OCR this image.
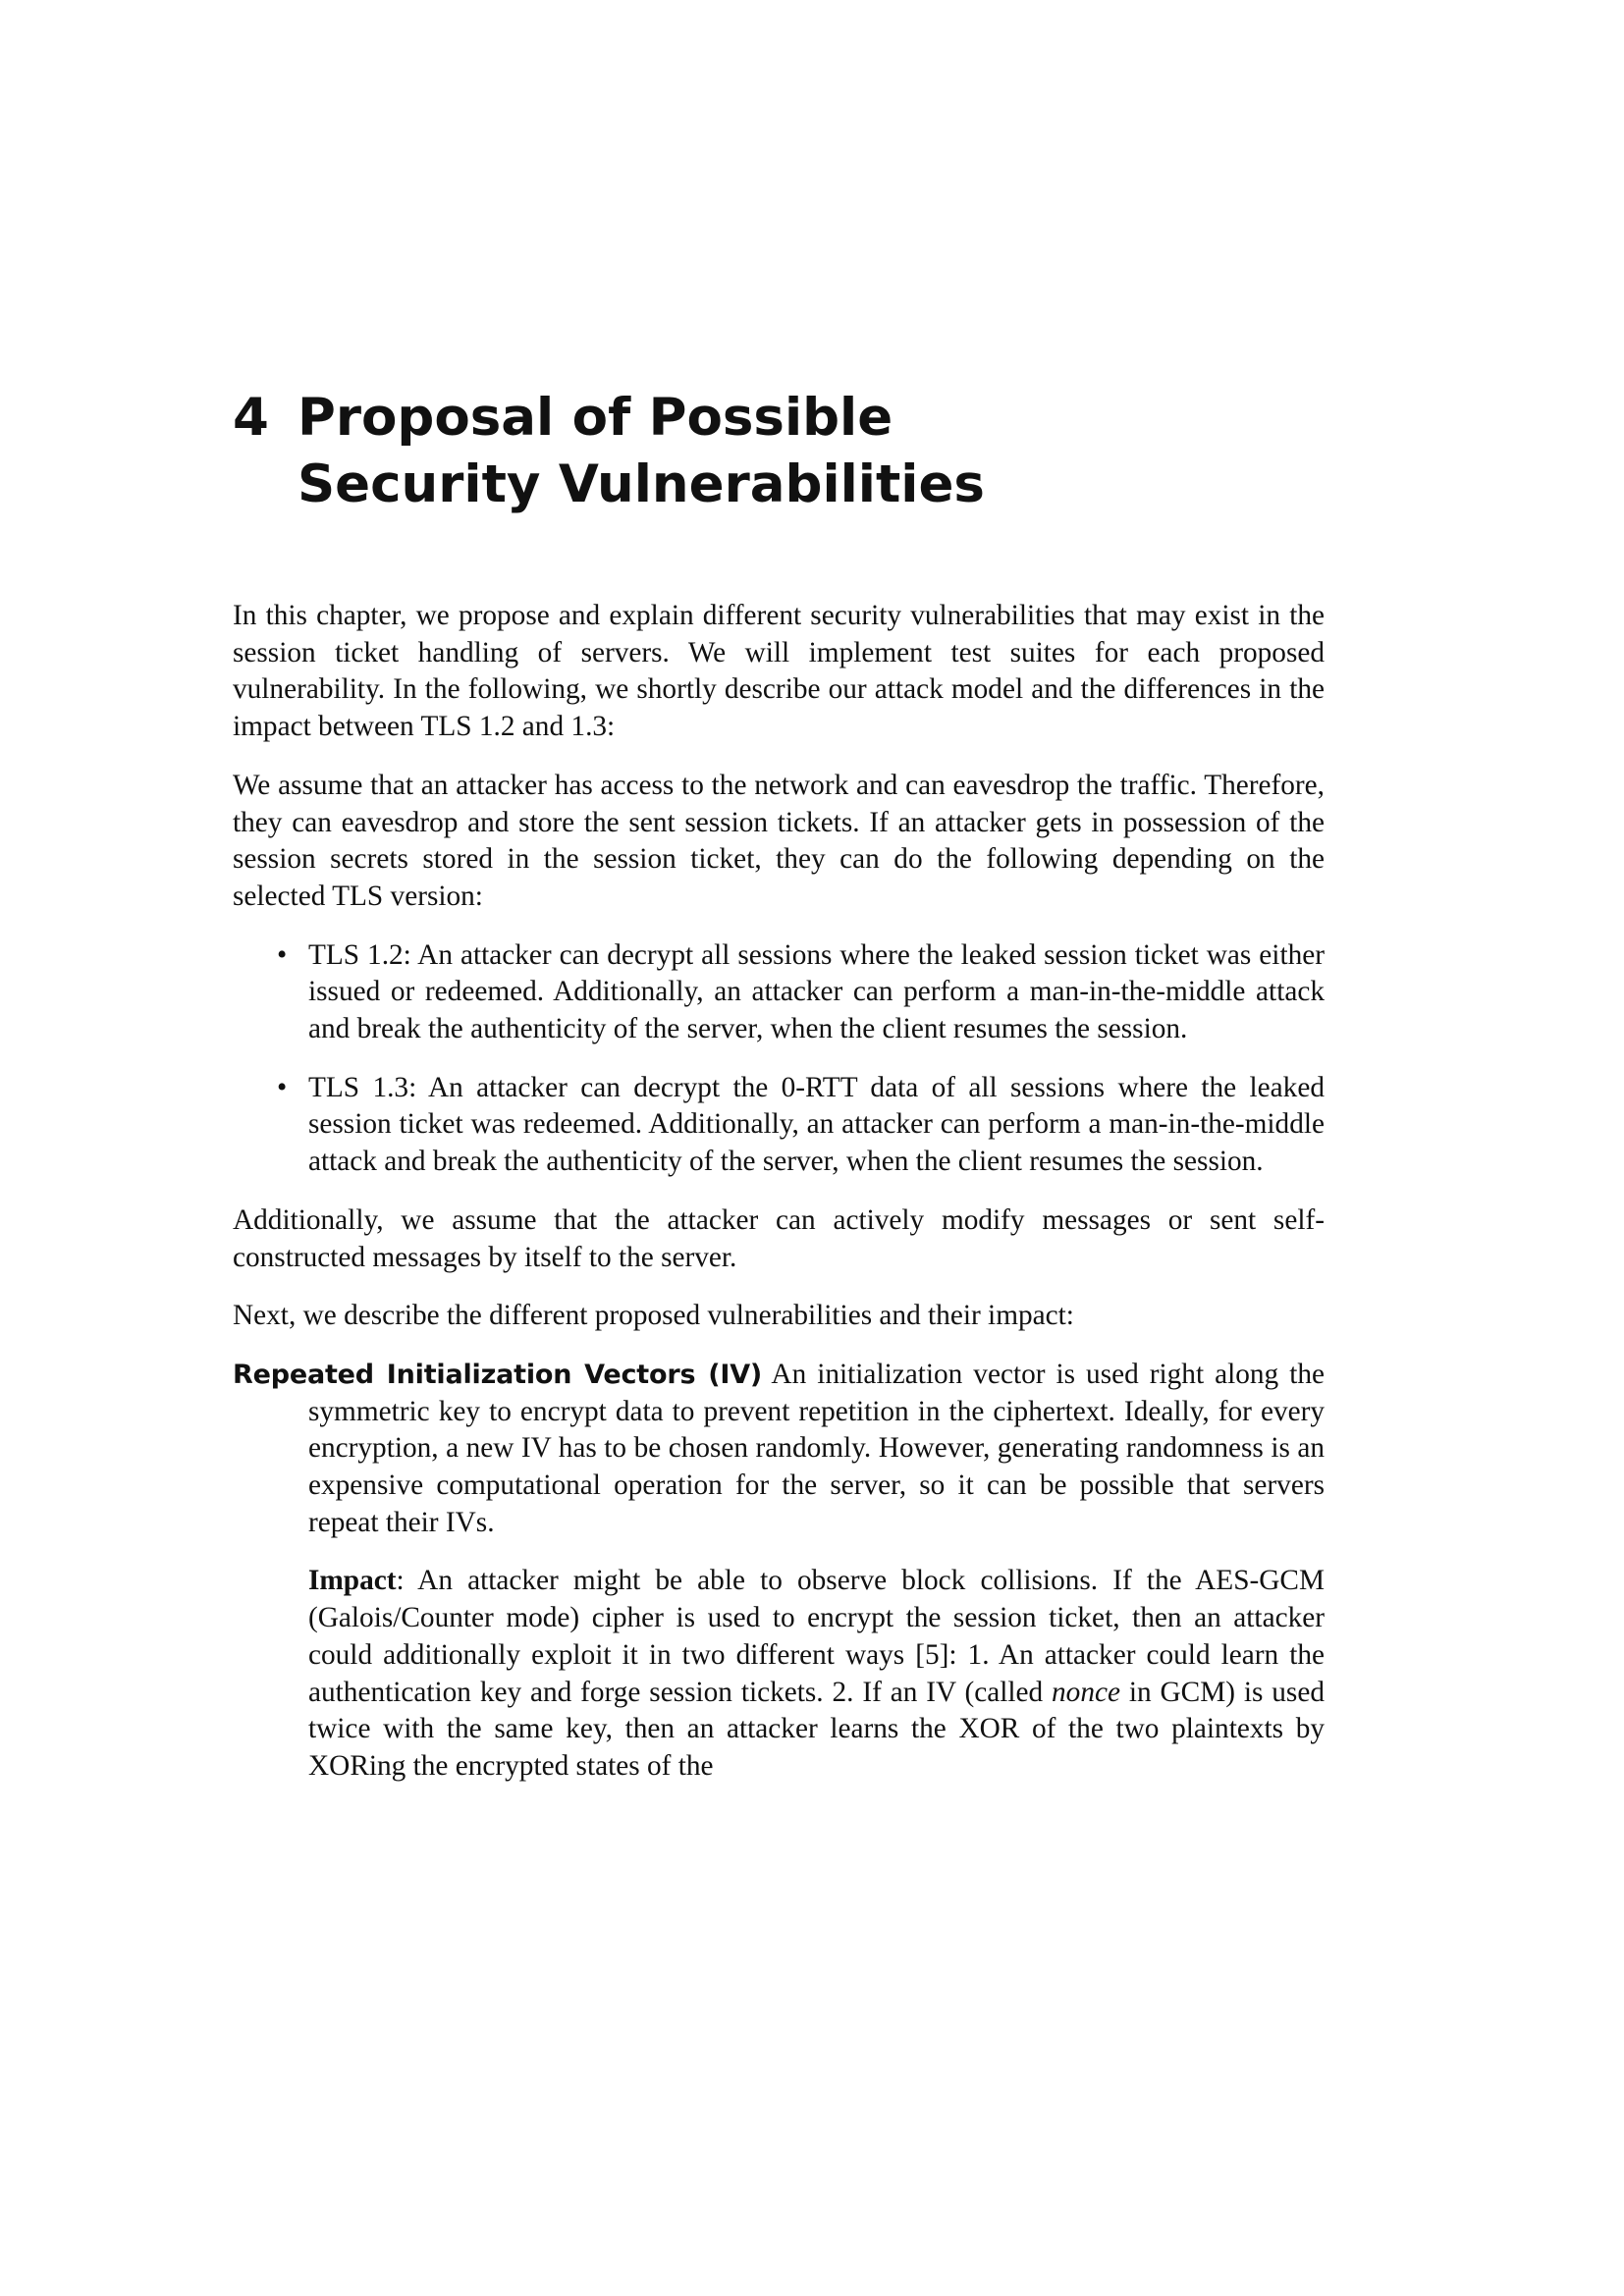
4 Proposal of Possible Security Vulnerabilities

In this chapter, we propose and explain different security vulnerabilities that may exist in the session ticket handling of servers. We will implement test suites for each proposed vulnerability. In the following, we shortly describe our attack model and the differences in the impact between TLS 1.2 and 1.3:

We assume that an attacker has access to the network and can eavesdrop the traffic. Therefore, they can eavesdrop and store the sent session tickets. If an attacker gets in possession of the session secrets stored in the session ticket, they can do the following depending on the selected TLS version:

• TLS 1.2: An attacker can decrypt all sessions where the leaked session ticket was either issued or redeemed. Additionally, an attacker can perform a man-in-the-middle attack and break the authenticity of the server, when the client resumes the session.
• TLS 1.3: An attacker can decrypt the 0-RTT data of all sessions where the leaked session ticket was redeemed. Additionally, an attacker can perform a man-in-the-middle attack and break the authenticity of the server, when the client resumes the session.

Additionally, we assume that the attacker can actively modify messages or sent self-constructed messages by itself to the server.

Next, we describe the different proposed vulnerabilities and their impact:

Repeated Initialization Vectors (IV) An initialization vector is used right along the symmetric key to encrypt data to prevent repetition in the ciphertext. Ideally, for every encryption, a new IV has to be chosen randomly. However, generating randomness is an expensive computational operation for the server, so it can be possible that servers repeat their IVs.

Impact: An attacker might be able to observe block collisions. If the AES-GCM (Galois/Counter mode) cipher is used to encrypt the session ticket, then an attacker could additionally exploit it in two different ways [5]: 1. An attacker could learn the authentication key and forge session tickets. 2. If an IV (called nonce in GCM) is used twice with the same key, then an attacker learns the XOR of the two plaintexts by XORing the encrypted states of the
